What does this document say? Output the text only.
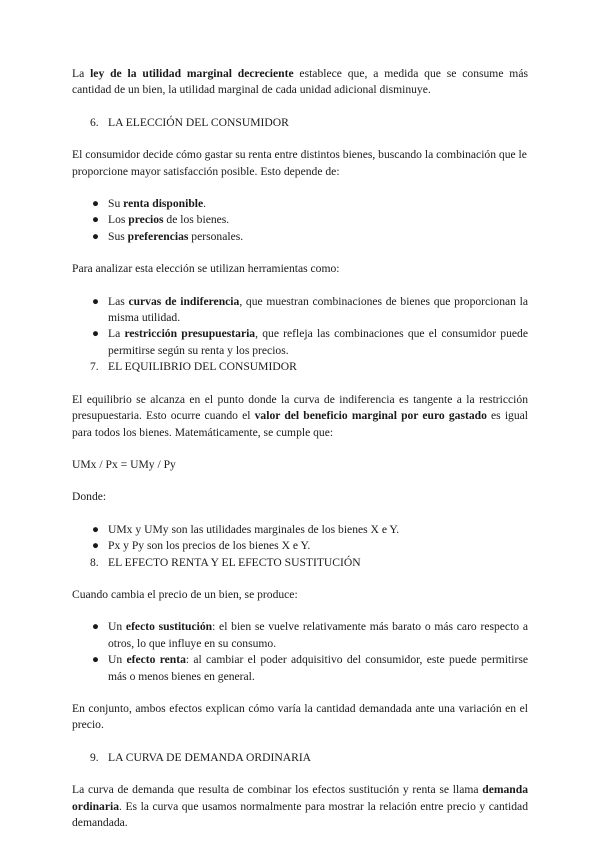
La ley de la utilidad marginal decreciente establece que, a medida que se consume más cantidad de un bien, la utilidad marginal de cada unidad adicional disminuye.

6. LA ELECCIÓN DEL CONSUMIDOR

El consumidor decide cómo gastar su renta entre distintos bienes, buscando la combinación que le proporcione mayor satisfacción posible. Esto depende de:

● Su renta disponible.
● Los precios de los bienes.
● Sus preferencias personales.

Para analizar esta elección se utilizan herramientas como:

● Las curvas de indiferencia, que muestran combinaciones de bienes que proporcionan la misma utilidad.
● La restricción presupuestaria, que refleja las combinaciones que el consumidor puede permitirse según su renta y los precios.
7. EL EQUILIBRIO DEL CONSUMIDOR

El equilibrio se alcanza en el punto donde la curva de indiferencia es tangente a la restricción presupuestaria. Esto ocurre cuando el valor del beneficio marginal por euro gastado es igual para todos los bienes. Matemáticamente, se cumple que:

UMx / Px = UMy / Py

Donde:

● UMx y UMy son las utilidades marginales de los bienes X e Y.
● Px y Py son los precios de los bienes X e Y.
8. EL EFECTO RENTA Y EL EFECTO SUSTITUCIÓN

Cuando cambia el precio de un bien, se produce:

● Un efecto sustitución: el bien se vuelve relativamente más barato o más caro respecto a otros, lo que influye en su consumo.
● Un efecto renta: al cambiar el poder adquisitivo del consumidor, este puede permitirse más o menos bienes en general.

En conjunto, ambos efectos explican cómo varía la cantidad demandada ante una variación en el precio.

9. LA CURVA DE DEMANDA ORDINARIA

La curva de demanda que resulta de combinar los efectos sustitución y renta se llama demanda ordinaria. Es la curva que usamos normalmente para mostrar la relación entre precio y cantidad demandada.
